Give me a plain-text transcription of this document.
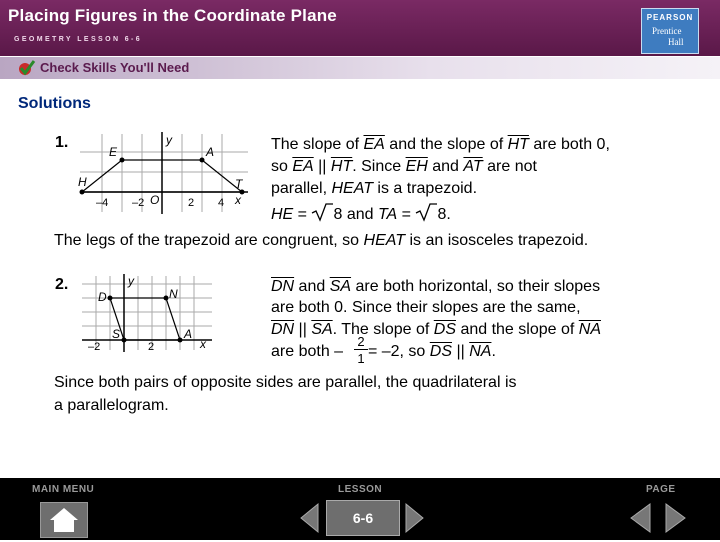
Placing Figures in the Coordinate Plane
GEOMETRY LESSON 6-6
PEARSON
Prentice
Hall
Check Skills You'll Need
Solutions
1.
E	A
H	T
y
x
O
–4 –2	2 4
The slope of $\overline{EA}$ and the slope of $\overline{HT}$ are both 0,
so $\overline{EA}$ || $\overline{HT}$. Since $\overline{EH}$ and $\overline{AT}$ are not
parallel, HEAT is a trapezoid.
HE = 8 and TA = 8.
The legs of the trapezoid are congruent, so HEAT is an isosceles trapezoid.
2.
D	N
S	A
y
x
–2	2
$\overline{DN}$ and $\overline{SA}$ are both horizontal, so their slopes
are both 0. Since their slopes are the same,
$\overline{DN}$ || $\overline{SA}$. The slope of $\overline{DS}$ and the slope of $\overline{NA}$
are both –  = –2, so $\overline{DS}$ || $\overline{NA}$.
2
1
Since both pairs of opposite sides are parallel, the quadrilateral is
a parallelogram.
MAIN MENU	LESSON	PAGE
6-6
